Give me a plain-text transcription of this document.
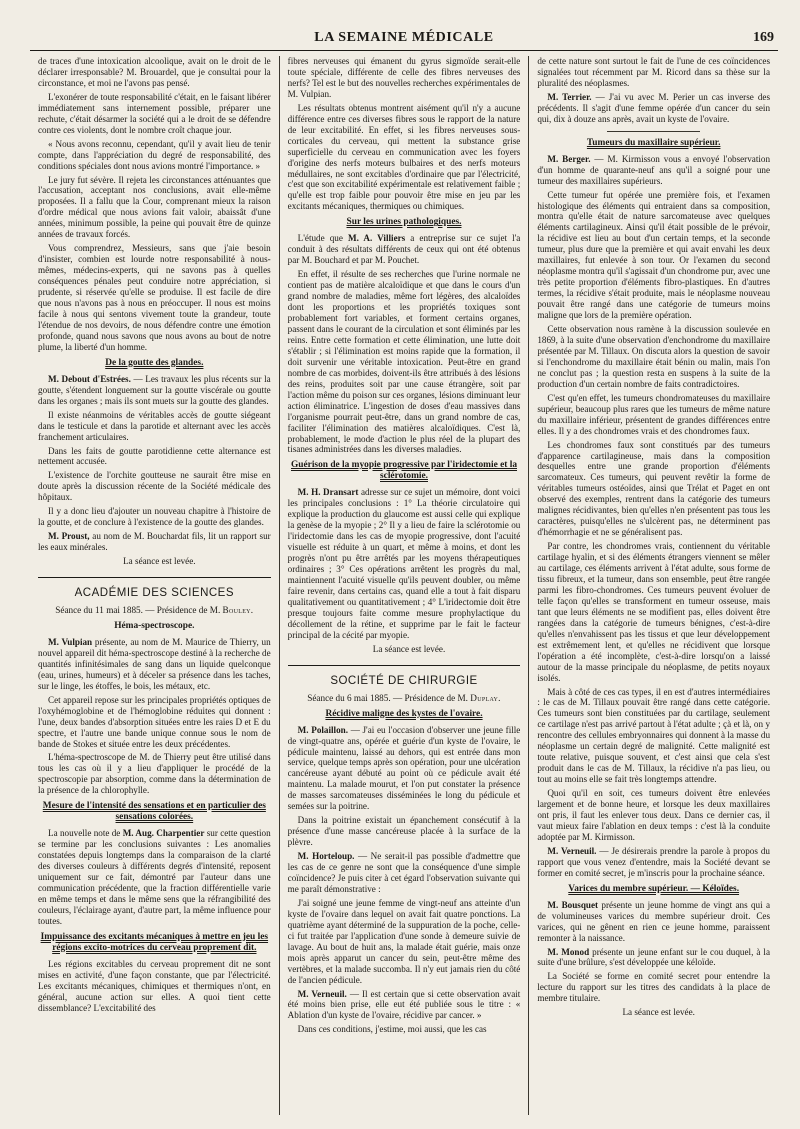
LA SEMAINE MÉDICALE	169

de traces d'une intoxication alcoolique, avait on le droit de le déclarer irresponsable? M. Brouardel, que je consultai pour la circonstance, et moi ne l'avons pas pensé.

L'exonérer de toute responsabilité c'était, en le faisant libérer immédiatement sans internement possible, préparer une rechute, c'était désarmer la société qui a le droit de se défendre contre ces violents, dont le nombre croît chaque jour.

« Nous avons reconnu, cependant, qu'il y avait lieu de tenir compte, dans l'appréciation du degré de responsabilité, des conditions spéciales dont nous avions montré l'importance. »

Le jury fut sévère. Il rejeta les circonstances atténuantes que l'accusation, acceptant nos conclusions, avait elle-même proposées. Il a fallu que la Cour, comprenant mieux la raison d'ordre médical que nous avions fait valoir, abaissât d'une années, minimum possible, la peine qui pouvait être de quinze années de travaux forcés.

Vous comprendrez, Messieurs, sans que j'aie besoin d'insister, combien est lourde notre responsabilité à nous-mêmes, médecins-experts, qui ne savons pas à quelles conséquences pénales peut conduire notre appréciation, si prudente, si réservée qu'elle se produise. Il est facile de dire que nous n'avons pas à nous en préoccuper. Il nous est moins facile à nous qui sentons vivement toute la grandeur, toute l'étendue de nos devoirs, de nous défendre contre une émotion profonde, quand nous savons que nous avons au bout de notre plume, la liberté d'un homme.

De la goutte des glandes.

M. Debout d'Estrées. — Les travaux les plus récents sur la goutte, s'étendent longuement sur la goutte viscérale ou goutte dans les organes ; mais ils sont muets sur la goutte des glandes.

Il existe néanmoins de véritables accès de goutte siégeant dans le testicule et dans la parotide et alternant avec les accès franchement articulaires.

Dans les faits de goutte parotidienne cette alternance est nettement accusée.

L'existence de l'orchite goutteuse ne saurait être mise en doute après la discussion récente de la Société médicale des hôpitaux.

Il y a donc lieu d'ajouter un nouveau chapitre à l'histoire de la goutte, et de conclure à l'existence de la goutte des glandes.

M. Proust, au nom de M. Bouchardat fils, lit un rapport sur les eaux minérales.

La séance est levée.

ACADÉMIE DES SCIENCES
Séance du 11 mai 1885. — Présidence de M. Bouley.
Héma-spectroscope.

M. Vulpian présente, au nom de M. Maurice de Thierry, un nouvel appareil dit héma-spectroscope destiné à la recherche de quantités infinitésimales de sang dans un liquide quelconque (eau, urines, humeurs) et à déceler sa présence dans les taches, sur le linge, les étoffes, le bois, les métaux, etc.

Cet appareil repose sur les principales propriétés optiques de l'oxyhémoglobine et de l'hémoglobine réduites qui donnent : l'une, deux bandes d'absorption situées entre les raies D et E du spectre, et l'autre une bande unique connue sous le nom de bande de Stokes et située entre les deux précédentes.

L'héma-spectroscope de M. de Thierry peut être utilisé dans tous les cas où il y a lieu d'appliquer le procédé de la spectroscopie par absorption, comme dans la détermination de la présence de la chlorophylle.

Mesure de l'intensité des sensations et en particulier des sensations colorées.

La nouvelle note de M. Aug. Charpentier sur cette question se termine par les conclusions suivantes : Les anomalies constatées depuis longtemps dans la comparaison de la clarté des diverses couleurs à différents degrés d'intensité, reposent uniquement sur ce fait, démontré par l'auteur dans une communication précédente, que la fraction différentielle varie en même temps et dans le même sens que la réfrangibilité des couleurs, l'éclairage ayant, d'autre part, la même influence pour toutes.

Impuissance des excitants mécaniques à mettre en jeu les régions excito-motrices du cerveau proprement dit.

Les régions excitables du cerveau proprement dit ne sont mises en activité, d'une façon constante, que par l'électricité. Les excitants mécaniques, chimiques et thermiques n'ont, en général, aucune action sur elles. A quoi tient cette dissemblance? L'excitabilité des

fibres nerveuses qui émanent du gyrus sigmoïde serait-elle toute spéciale, différente de celle des fibres nerveuses des nerfs? Tel est le but des nouvelles recherches expérimentales de M. Vulpian.

Les résultats obtenus montrent aisément qu'il n'y a aucune différence entre ces diverses fibres sous le rapport de la nature de leur excitabilité. En effet, si les fibres nerveuses sous-corticales du cerveau, qui mettent la substance grise superficielle du cerveau en communication avec les foyers d'origine des nerfs moteurs bulbaires et des nerfs moteurs médullaires, ne sont excitables d'ordinaire que par l'électricité, c'est que son excitabilité expérimentale est relativement faible ; qu'elle est trop faible pour pouvoir être mise en jeu par les excitants mécaniques, thermiques ou chimiques.

Sur les urines pathologiques.

L'étude que M. A. Villiers a entreprise sur ce sujet l'a conduit à des résultats différents de ceux qui ont été obtenus par M. Bouchard et par M. Pouchet.

En effet, il résulte de ses recherches que l'urine normale ne contient pas de matière alcaloïdique et que dans le cours d'un grand nombre de maladies, même fort légères, des alcaloïdes dont les proportions et les propriétés toxiques sont probablement fort variables, et forment certains organes, passent dans le courant de la circulation et sont éliminés par les reins. Entre cette formation et cette élimination, une lutte doit s'établir ; si l'élimination est moins rapide que la formation, il doit survenir une véritable intoxication. Peut-être en grand nombre de cas morbides, doivent-ils être attribués à des lésions des reins, produites soit par une cause étrangère, soit par l'action même du poison sur ces organes, lésions diminuant leur action éliminatrice. L'ingestion de doses d'eau massives dans l'organisme pourrait peut-être, dans un grand nombre de cas, faciliter l'élimination des matières alcaloïdiques. C'est là, probablement, le mode d'action le plus réel de la plupart des tisanes administrées dans les diverses maladies.

Guérison de la myopie progressive par l'iridectomie et la sclérotomie.

M. H. Dransart adresse sur ce sujet un mémoire, dont voici les principales conclusions : 1° La théorie circulatoire qui explique la production du glaucome est aussi celle qui explique la genèse de la myopie ; 2° Il y a lieu de faire la sclérotomie ou l'iridectomie dans les cas de myopie progressive, dont l'acuité visuelle est réduite à un quart, et même à moins, et dont les progrès n'ont pu être arrêtés par les moyens thérapeutiques ordinaires ; 3° Ces opérations arrêtent les progrès du mal, maintiennent l'acuité visuelle qu'ils peuvent doubler, ou même faire revenir, dans certains cas, quand elle a tout à fait disparu qualitativement ou quantitativement ; 4° L'iridectomie doit être presque toujours faite comme mesure prophylactique du décollement de la rétine, et supprime par le fait le facteur principal de la cécité par myopie.

La séance est levée.

SOCIÉTÉ DE CHIRURGIE
Séance du 6 mai 1885. — Présidence de M. Duplay.
Récidive maligne des kystes de l'ovaire.

M. Polaillon. — J'ai eu l'occasion d'observer une jeune fille de vingt-quatre ans, opérée et guérie d'un kyste de l'ovaire, le pédicule maintenu, laissé au dehors, qui est entrée dans mon service, quelque temps après son opération, pour une ulcération cancéreuse ayant débuté au point où ce pédicule avait été maintenu. La malade mourut, et l'on put constater la présence de masses sarcomateuses disséminées le long du pédicule et semées sur la poitrine.

Dans la poitrine existait un épanchement consécutif à la présence d'une masse cancéreuse placée à la surface de la plèvre.

M. Horteloup. — Ne serait-il pas possible d'admettre que les cas de ce genre ne sont que la conséquence d'une simple coïncidence? Je puis citer à cet égard l'observation suivante qui me paraît démonstrative :

J'ai soigné une jeune femme de vingt-neuf ans atteinte d'un kyste de l'ovaire dans lequel on avait fait quatre ponctions. La quatrième ayant déterminé de la suppuration de la poche, celle-ci fut traitée par l'application d'une sonde à demeure suivie de lavage. Au bout de huit ans, la malade était guérie, mais onze mois après apparut un cancer du sein, peut-être même des vertèbres, et la malade succomba. Il n'y eut jamais rien du côté de l'ancien pédicule.

M. Verneuil. — Il est certain que si cette observation avait été moins bien prise, elle eut été publiée sous le titre : « Ablation d'un kyste de l'ovaire, récidive par cancer. »

Dans ces conditions, j'estime, moi aussi, que les cas

de cette nature sont surtout le fait de l'une de ces coïncidences signalées tout récemment par M. Ricord dans sa thèse sur la pluralité des néoplasmes.

M. Terrier. — J'ai vu avec M. Perier un cas inverse des précédents. Il s'agit d'une femme opérée d'un cancer du sein qui, dix à douze ans après, avait un kyste de l'ovaire.

Tumeurs du maxillaire supérieur.

M. Berger. — M. Kirmisson vous a envoyé l'observation d'un homme de quarante-neuf ans qu'il a soigné pour une tumeur des maxillaires supérieurs.

Cette tumeur fut opérée une première fois, et l'examen histologique des éléments qui entraient dans sa composition, montra qu'elle était de nature sarcomateuse avec quelques éléments cartilagineux. Ainsi qu'il était possible de le prévoir, la récidive est lieu au bout d'un certain temps, et la seconde tumeur, plus dure que la première et qui avait envahi les deux maxillaires, fut enlevée à son tour. Or l'examen du second néoplasme montra qu'il s'agissait d'un chondrome pur, avec une très petite proportion d'éléments fibro-plastiques. En d'autres termes, la récidive s'était produite, mais le néoplasme nouveau pouvait être rangé dans une catégorie de tumeurs moins maligne que lors de la première opération.

Cette observation nous ramène à la discussion soulevée en 1869, à la suite d'une observation d'enchondrome du maxillaire présentée par M. Tillaux. On discuta alors la question de savoir si l'enchondrome du maxillaire était bénin ou malin, mais l'on ne conclut pas ; la question resta en suspens à la suite de la production d'un certain nombre de faits contradictoires.

C'est qu'en effet, les tumeurs chondromateuses du maxillaire supérieur, beaucoup plus rares que les tumeurs de même nature du maxillaire inférieur, présentent de grandes différences entre elles. Il y a des chondromes vrais et des chondromes faux.

Les chondromes faux sont constitués par des tumeurs d'apparence cartilagineuse, mais dans la composition desquelles entre une grande proportion d'éléments sarcomateux. Ces tumeurs, qui peuvent revêtir la forme de véritables tumeurs ostéoïdes, ainsi que Trélat et Paget en ont observé des exemples, rentrent dans la catégorie des tumeurs malignes récidivantes, bien qu'elles n'en présentent pas tous les caractères, puisqu'elles ne s'ulcèrent pas, ne déterminent pas d'hémorrhagie et ne se généralisent pas.

Par contre, les chondromes vrais, contiennent du véritable cartilage hyalin, et si des éléments étrangers viennent se mêler au cartilage, ces éléments arrivent à l'état adulte, sous forme de tissu fibreux, et la tumeur, dans son ensemble, peut être rangée parmi les fibro-chondromes. Ces tumeurs peuvent évoluer de telle façon qu'elles se transforment en tumeur osseuse, mais tant que leurs éléments ne se modifient pas, elles doivent être rangées dans la catégorie de tumeurs bénignes, c'est-à-dire qu'elles n'envahissent pas les tissus et que leur développement est extrêmement lent, et qu'elles ne récidivent que lorsque l'opération a été incomplète, c'est-à-dire lorsqu'on a laissé autour de la masse principale du néoplasme, de petits noyaux isolés.

Mais à côté de ces cas types, il en est d'autres intermédiaires : le cas de M. Tillaux pouvait être rangé dans cette catégorie. Ces tumeurs sont bien constituées par du cartilage, seulement ce cartilage n'est pas arrivé partout à l'état adulte ; çà et là, on y rencontre des cellules embryonnaires qui donnent à la masse du néoplasme un certain degré de malignité. Cette malignité est toute relative, puisque souvent, et c'est ainsi que cela s'est produit dans le cas de M. Tillaux, la récidive n'a pas lieu, ou tout au moins elle se fait très longtemps attendre.

Quoi qu'il en soit, ces tumeurs doivent être enlevées largement et de bonne heure, et lorsque les deux maxillaires ont pris, il faut les enlever tous deux. Dans ce dernier cas, il vaut mieux faire l'ablation en deux temps : c'est là la conduite adoptée par M. Kirmisson.

M. Verneuil. — Je désirerais prendre la parole à propos du rapport que vous venez d'entendre, mais la Société devant se former en comité secret, je m'inscris pour la prochaine séance.

Varices du membre supérieur. — Kéloïdes.

M. Bousquet présente un jeune homme de vingt ans qui a de volumineuses varices du membre supérieur droit. Ces varices, qui ne gênent en rien ce jeune homme, paraissent remonter à la naissance.

M. Monod présente un jeune enfant sur le cou duquel, à la suite d'une brûlure, s'est développée une kéloïde.

La Société se forme en comité secret pour entendre la lecture du rapport sur les titres des candidats à la place de membre titulaire.

La séance est levée.
